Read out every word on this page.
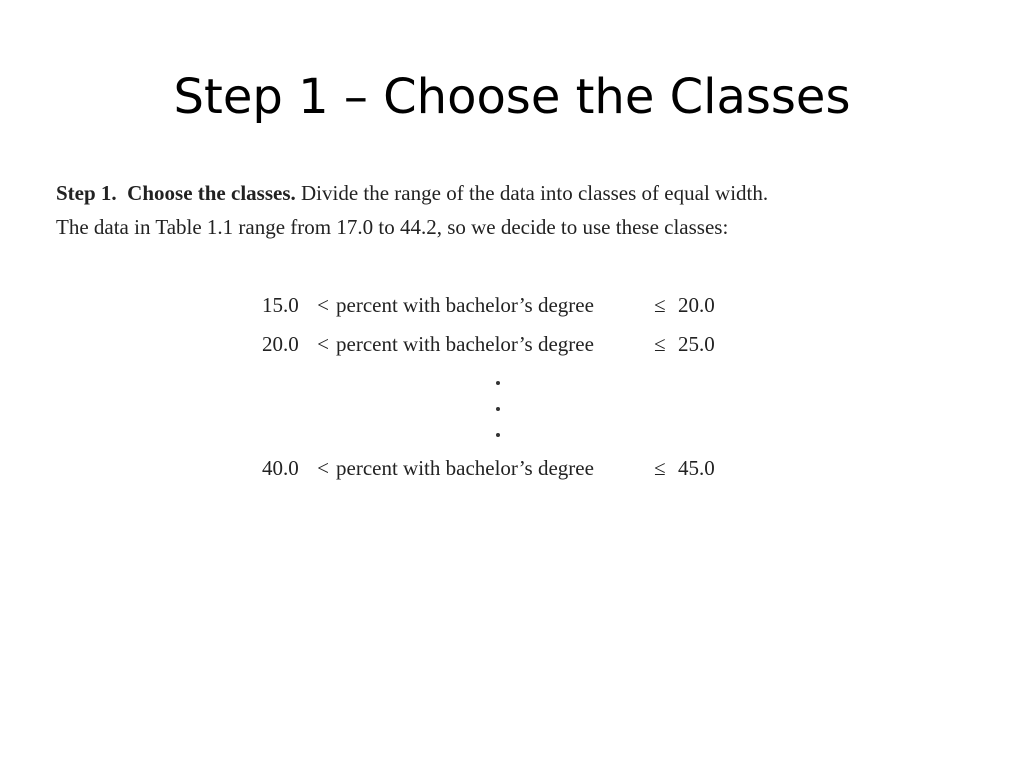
Step 1 – Choose the Classes

Step 1.  Choose the classes. Divide the range of the data into classes of equal width.
The data in Table 1.1 range from 17.0 to 44.2, so we decide to use these classes:

15.0 < percent with bachelor’s degree	≤ 20.0
20.0 < percent with bachelor’s degree	≤ 25.0
40.0 < percent with bachelor’s degree	≤ 45.0
